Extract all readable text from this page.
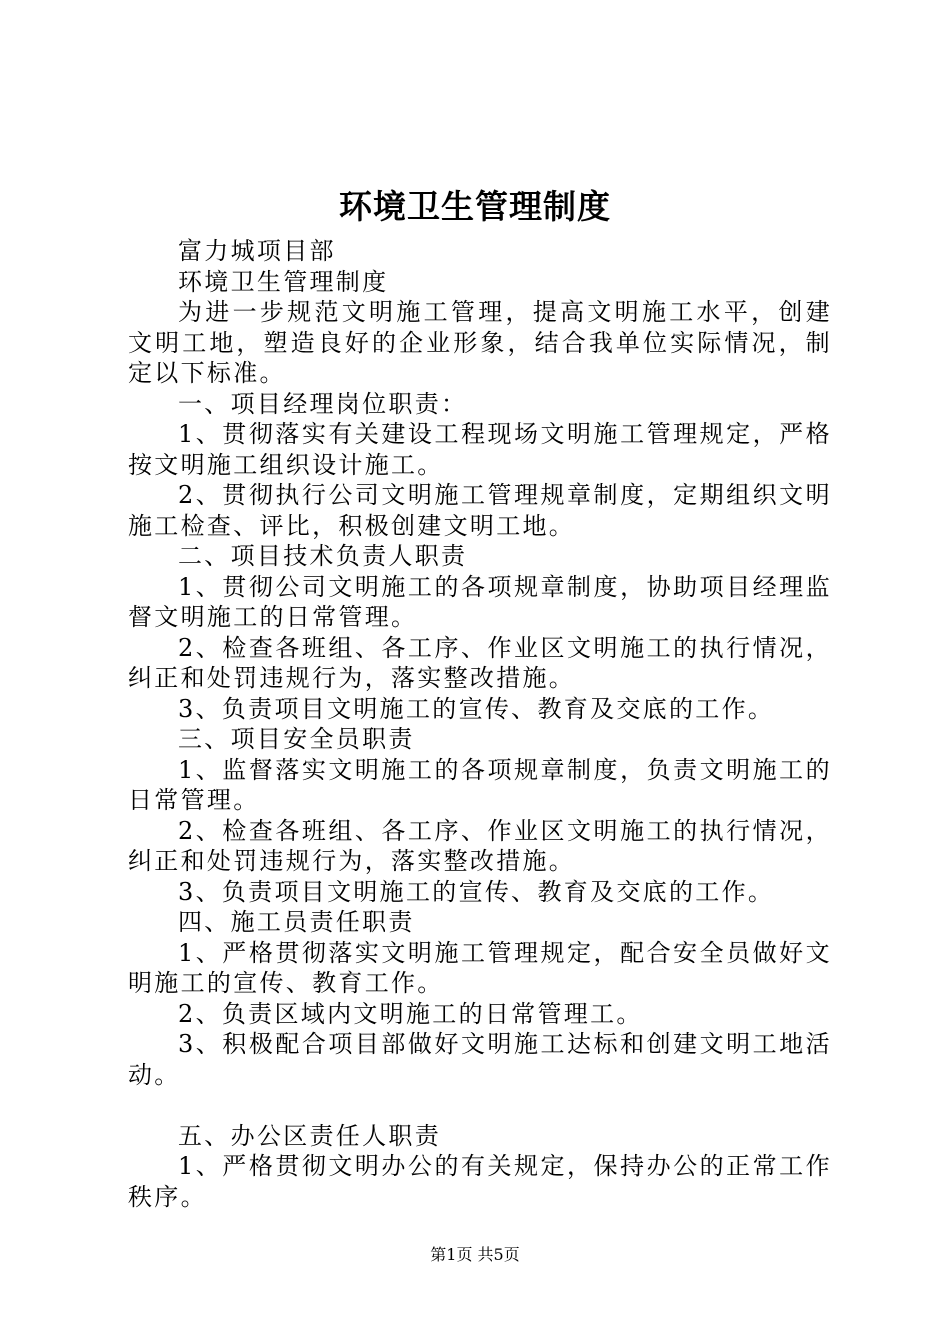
环境卫生管理制度

富力城项目部

环境卫生管理制度

为进一步规范文明施工管理，提高文明施工水平，创建文明工地，塑造良好的企业形象，结合我单位实际情况，制定以下标准。

一、项目经理岗位职责：

1、贯彻落实有关建设工程现场文明施工管理规定，严格按文明施工组织设计施工。

2、贯彻执行公司文明施工管理规章制度，定期组织文明施工检查、评比，积极创建文明工地。

二、项目技术负责人职责

1、贯彻公司文明施工的各项规章制度，协助项目经理监督文明施工的日常管理。

2、检查各班组、各工序、作业区文明施工的执行情况，纠正和处罚违规行为，落实整改措施。

3、负责项目文明施工的宣传、教育及交底的工作。

三、项目安全员职责

1、监督落实文明施工的各项规章制度，负责文明施工的日常管理。

2、检查各班组、各工序、作业区文明施工的执行情况，纠正和处罚违规行为，落实整改措施。

3、负责项目文明施工的宣传、教育及交底的工作。

四、施工员责任职责

1、严格贯彻落实文明施工管理规定，配合安全员做好文明施工的宣传、教育工作。

2、负责区域内文明施工的日常管理工。

3、积极配合项目部做好文明施工达标和创建文明工地活动。

五、办公区责任人职责

1、严格贯彻文明办公的有关规定，保持办公的正常工作秩序。

第1页 共5页
